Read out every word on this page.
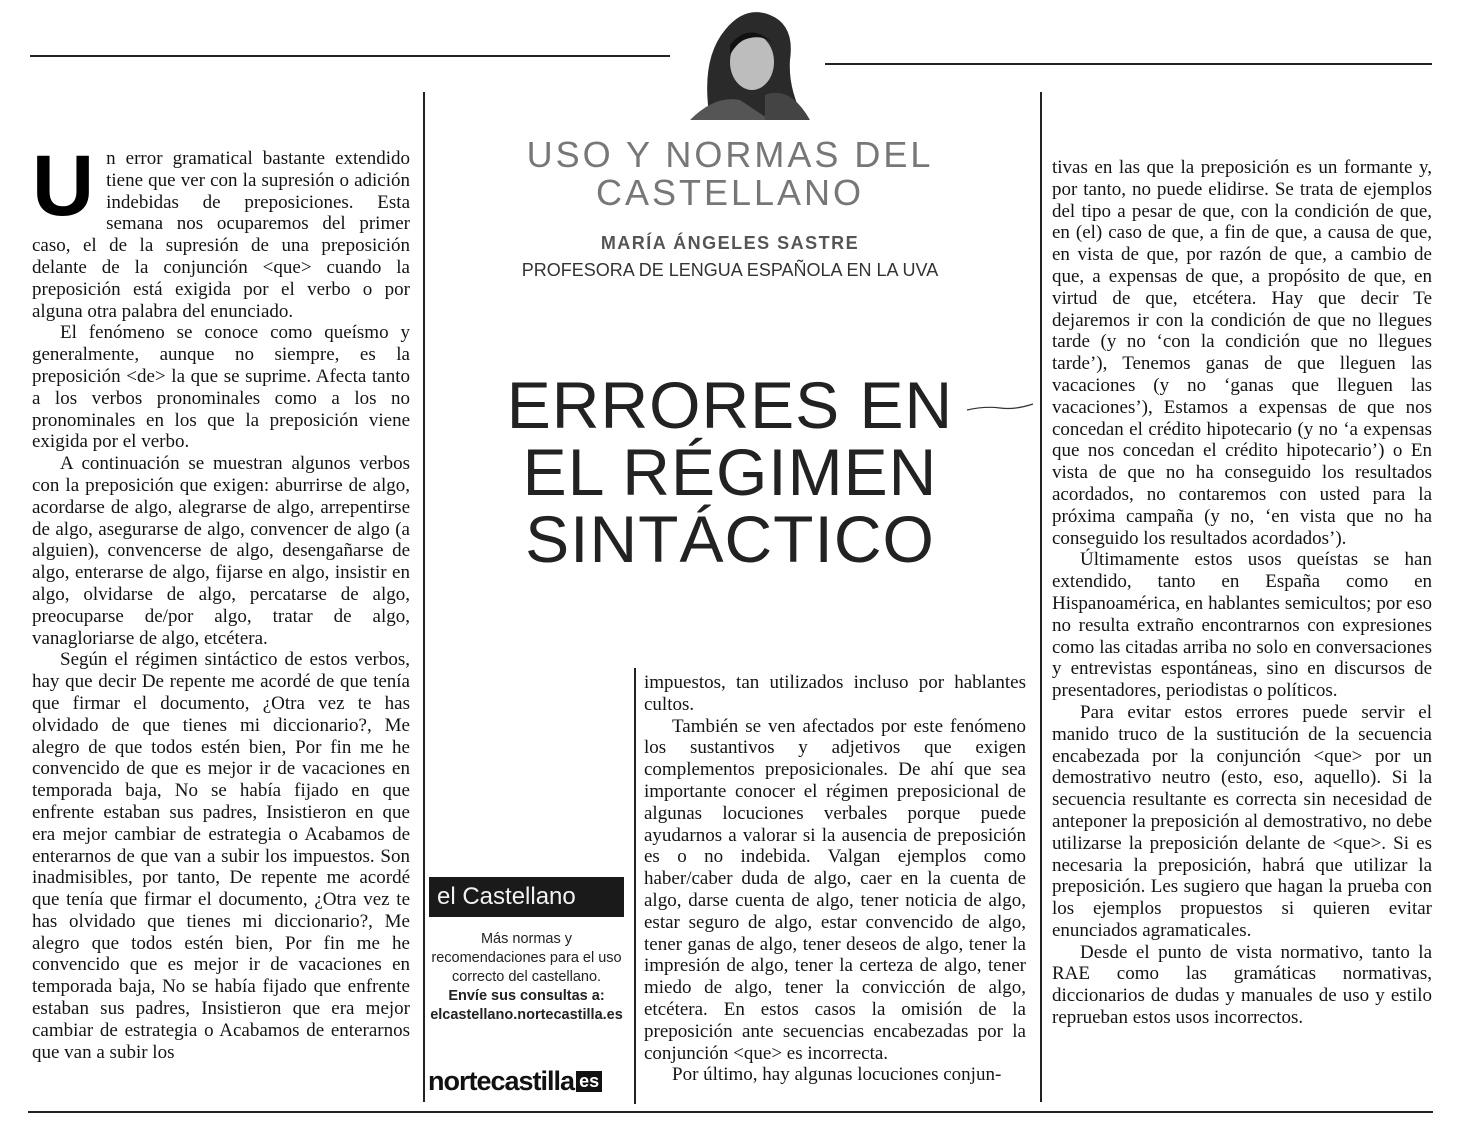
USO Y NORMAS DEL
CASTELLANO
MARÍA ÁNGELES SASTRE
PROFESORA DE LENGUA ESPAÑOLA EN LA UVA
ERRORES EN
EL RÉGIMEN
SINTÁCTICO
U n error gramatical bastante extendido tiene que ver con la supresión o adición indebidas de preposiciones. Esta semana nos ocuparemos del primer caso, el de la supresión de una preposición delante de la conjunción <que> cuando la preposición está exigida por el verbo o por alguna otra palabra del enunciado.

El fenómeno se conoce como queísmo y generalmente, aunque no siempre, es la preposición <de> la que se suprime. Afecta tanto a los verbos pronominales como a los no pronominales en los que la preposición viene exigida por el verbo.

A continuación se muestran algunos verbos con la preposición que exigen: aburrirse de algo, acordarse de algo, alegrarse de algo, arrepentirse de algo, asegurarse de algo, convencer de algo (a alguien), convencerse de algo, desengañarse de algo, enterarse de algo, fijarse en algo, insistir en algo, olvidarse de algo, percatarse de algo, preocuparse de/por algo, tratar de algo, vanagloriarse de algo, etcétera.

Según el régimen sintáctico de estos verbos, hay que decir De repente me acordé de que tenía que firmar el documento, ¿Otra vez te has olvidado de que tienes mi diccionario?, Me alegro de que todos estén bien, Por fin me he convencido de que es mejor ir de vacaciones en temporada baja, No se había fijado en que enfrente estaban sus padres, Insistieron en que era mejor cambiar de estrategia o Acabamos de enterarnos de que van a subir los impuestos. Son inadmisibles, por tanto, De repente me acordé que tenía que firmar el documento, ¿Otra vez te has olvidado que tienes mi diccionario?, Me alegro que todos estén bien, Por fin me he convencido que es mejor ir de vacaciones en temporada baja, No se había fijado que enfrente estaban sus padres, Insistieron que era mejor cambiar de estrategia o Acabamos de enterarnos que van a subir los

impuestos, tan utilizados incluso por hablantes cultos.

También se ven afectados por este fenómeno los sustantivos y adjetivos que exigen complementos preposicionales. De ahí que sea importante conocer el régimen preposicional de algunas locuciones verbales porque puede ayudarnos a valorar si la ausencia de preposición es o no indebida. Valgan ejemplos como haber/caber duda de algo, caer en la cuenta de algo, darse cuenta de algo, tener noticia de algo, estar seguro de algo, estar convencido de algo, tener ganas de algo, tener deseos de algo, tener la impresión de algo, tener la certeza de algo, tener miedo de algo, tener la convicción de algo, etcétera. En estos casos la omisión de la preposición ante secuencias encabezadas por la conjunción <que> es incorrecta.

Por último, hay algunas locuciones conjun-

tivas en las que la preposición es un formante y, por tanto, no puede elidirse. Se trata de ejemplos del tipo a pesar de que, con la condición de que, en (el) caso de que, a fin de que, a causa de que, en vista de que, por razón de que, a cambio de que, a expensas de que, a propósito de que, en virtud de que, etcétera. Hay que decir Te dejaremos ir con la condición de que no llegues tarde (y no ‘con la condición que no llegues tarde’), Tenemos ganas de que lleguen las vacaciones (y no ‘ganas que lleguen las vacaciones’), Estamos a expensas de que nos concedan el crédito hipotecario (y no ‘a expensas que nos concedan el crédito hipotecario’) o En vista de que no ha conseguido los resultados acordados, no contaremos con usted para la próxima campaña (y no, ‘en vista que no ha conseguido los resultados acordados’).

Últimamente estos usos queístas se han extendido, tanto en España como en Hispanoamérica, en hablantes semicultos; por eso no resulta extraño encontrarnos con expresiones como las citadas arriba no solo en conversaciones y entrevistas espontáneas, sino en discursos de presentadores, periodistas o políticos.

Para evitar estos errores puede servir el manido truco de la sustitución de la secuencia encabezada por la conjunción <que> por un demostrativo neutro (esto, eso, aquello). Si la secuencia resultante es correcta sin necesidad de anteponer la preposición al demostrativo, no debe utilizarse la preposición delante de <que>. Si es necesaria la preposición, habrá que utilizar la preposición. Les sugiero que hagan la prueba con los ejemplos propuestos si quieren evitar enunciados agramaticales.

Desde el punto de vista normativo, tanto la RAE como las gramáticas normativas, diccionarios de dudas y manuales de uso y estilo reprueban estos usos incorrectos.

el Castellano
Más normas y recomendaciones para el uso correcto del castellano.
Envíe sus consultas a:
elcastellano.nortecastilla.es
nortecastilla es
